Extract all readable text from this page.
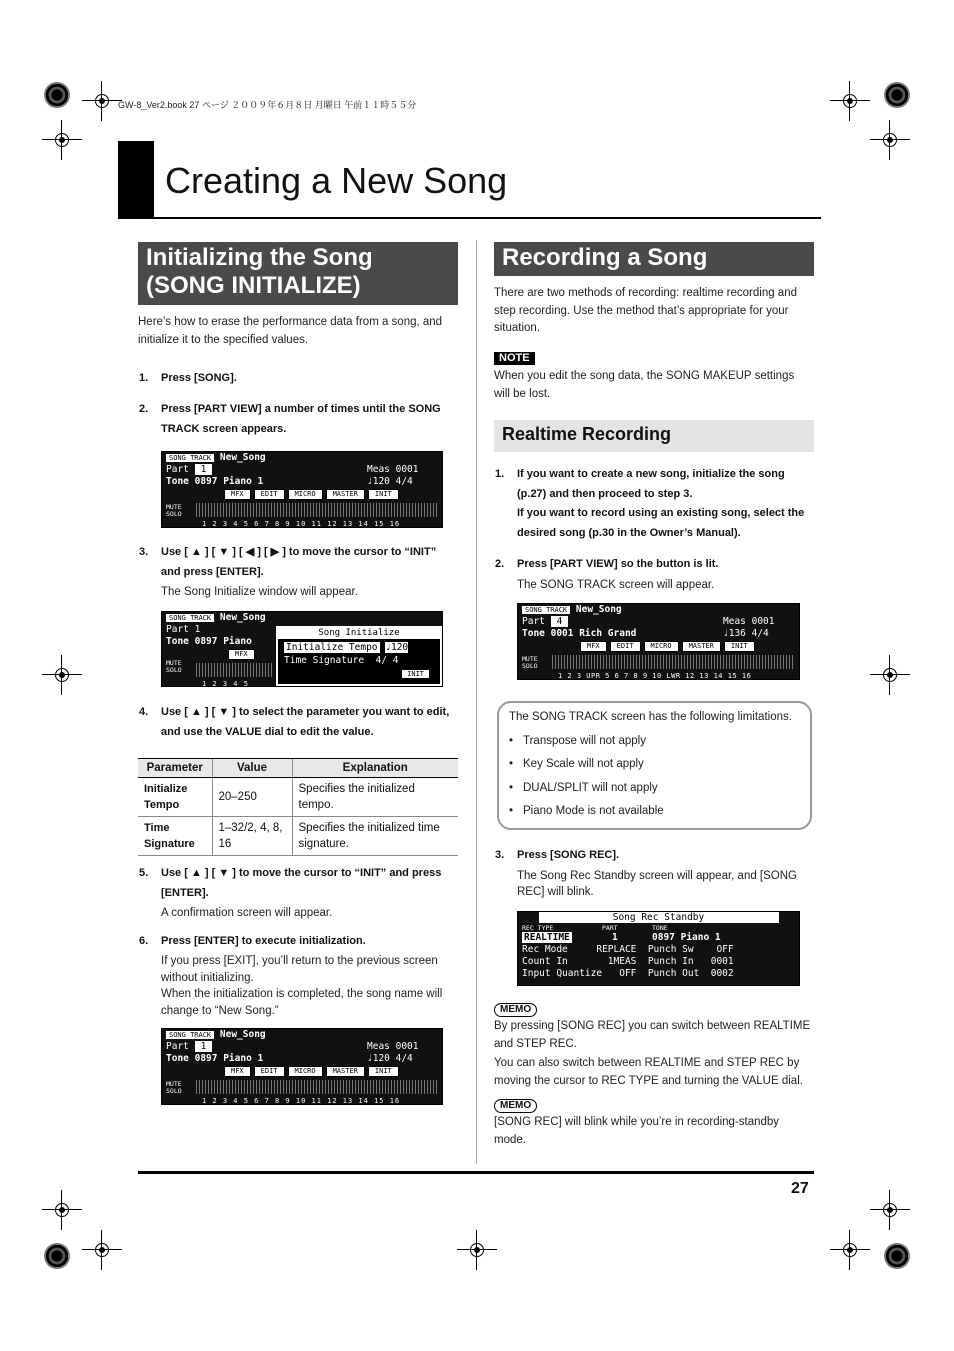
GW-8_Ver2.book 27 ページ ２００９年６月８日 月曜日 午前１１時５５分
Creating a New Song
Initializing the Song
(SONG INITIALIZE)

Here’s how to erase the performance data from a song, and initialize it to the specified values.

1. Press [SONG].
2. Press [PART VIEW] a number of times until the SONG TRACK screen appears.
SONG TRACK New_Song
Part 1	Meas 0001
Tone 0897 Piano 1	♩120 4/4
MFX	EDIT	MICRO	MASTER	INIT
MUTE
SOLO
1 2 3 4 5 6 7 8 9 10 11 12 13 14 15 16
3. Use [ ▲ ] [ ▼ ] [ ◀ ] [ ▶ ] to move the cursor to “INIT” and press [ENTER].

The Song Initialize window will appear.

SONG TRACK New_Song
Part 1
Tone 0897 Piano
MFX
MUTE
SOLO
1 2 3 4 5
Song Initialize
Initialize Tempo ♩120
Time Signature 4/ 4
INIT
4. Use [ ▲ ] [ ▼ ] to select the parameter you want to edit, and use the VALUE dial to edit the value.
Parameter	Value	Explanation
Initialize Tempo	20–250	Specifies the initialized tempo.
Time Signature	1–32/2, 4, 8, 16	Specifies the initialized time signature.
5. Use [ ▲ ] [ ▼ ] to move the cursor to “INIT” and press [ENTER].

A confirmation screen will appear.

6. Press [ENTER] to execute initialization.

If you press [EXIT], you’ll return to the previous screen without initializing.

When the initialization is completed, the song name will change to “New Song.”

SONG TRACK New_Song
Part 1	Meas 0001
Tone 0897 Piano 1	♩120 4/4
MFX	EDIT	MICRO	MASTER	INIT
MUTE
SOLO
1 2 3 4 5 6 7 8 9 10 11 12 13 14 15 16
Recording a Song

There are two methods of recording: realtime recording and step recording. Use the method that’s appropriate for your situation.

NOTE

When you edit the song data, the SONG MAKEUP settings will be lost.

Realtime Recording
1. If you want to create a new song, initialize the song (p.27) and then proceed to step 3.
If you want to record using an existing song, select the desired song (p.30 in the Owner’s Manual).
2. Press [PART VIEW] so the button is lit.

The SONG TRACK screen will appear.

SONG TRACK New_Song
Part 4	Meas 0001
Tone 0001 Rich Grand	♩136 4/4
MFX	EDIT	MICRO	MASTER	INIT
MUTE
SOLO
1 2 3 UPR 5 6 7 8 9 10 LWR 12 13 14 15 16
The SONG TRACK screen has the following limitations.
• Transpose will not apply
• Key Scale will not apply
• DUAL/SPLIT will not apply
• Piano Mode is not available
3. Press [SONG REC].

The Song Rec Standby screen will appear, and [SONG REC] will blink.

Song Rec Standby
REC TYPE	PART	TONE
REALTIME	1	0897 Piano 1
Rec Mode     REPLACE  Punch Sw    OFF
Count In       1MEAS  Punch In   0001
Input Quantize   OFF  Punch Out  0002
MEMO

By pressing [SONG REC] you can switch between REALTIME and STEP REC.

You can also switch between REALTIME and STEP REC by moving the cursor to REC TYPE and turning the VALUE dial.

MEMO

[SONG REC] will blink while you’re in recording-standby mode.

27
